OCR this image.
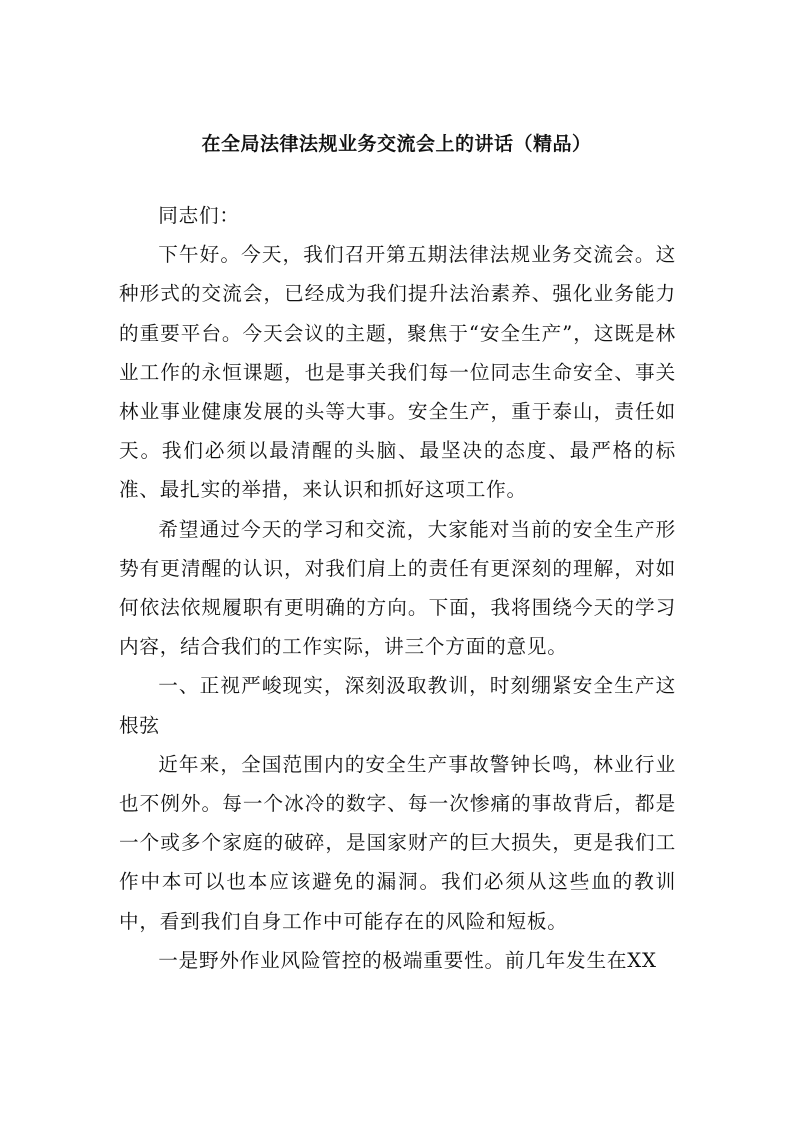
在全局法律法规业务交流会上的讲话（精品）

同志们：

下午好。今天，我们召开第五期法律法规业务交流会。这种形式的交流会，已经成为我们提升法治素养、强化业务能力的重要平台。今天会议的主题，聚焦于“安全生产”，这既是林业工作的永恒课题，也是事关我们每一位同志生命安全、事关林业事业健康发展的头等大事。安全生产，重于泰山，责任如天。我们必须以最清醒的头脑、最坚决的态度、最严格的标准、最扎实的举措，来认识和抓好这项工作。

希望通过今天的学习和交流，大家能对当前的安全生产形势有更清醒的认识，对我们肩上的责任有更深刻的理解，对如何依法依规履职有更明确的方向。下面，我将围绕今天的学习内容，结合我们的工作实际，讲三个方面的意见。

一、正视严峻现实，深刻汲取教训，时刻绷紧安全生产这根弦

近年来，全国范围内的安全生产事故警钟长鸣，林业行业也不例外。每一个冰冷的数字、每一次惨痛的事故背后，都是一个或多个家庭的破碎，是国家财产的巨大损失，更是我们工作中本可以也本应该避免的漏洞。我们必须从这些血的教训中，看到我们自身工作中可能存在的风险和短板。

一是野外作业风险管控的极端重要性。前几年发生在XX
